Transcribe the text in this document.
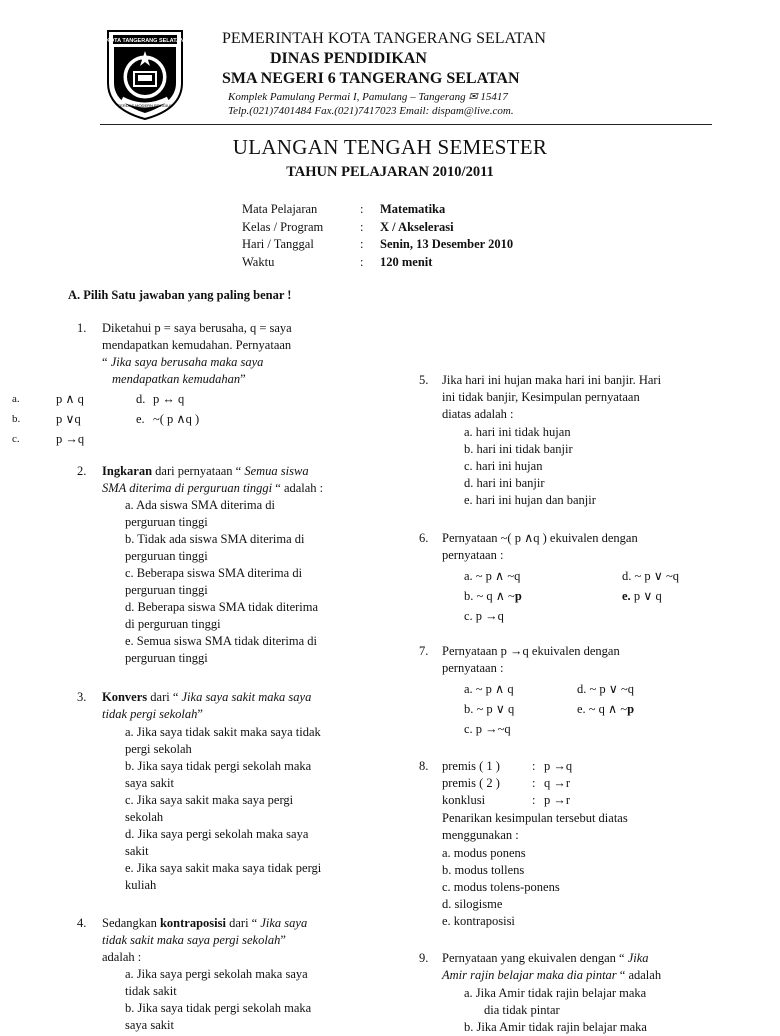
KOTA TANGERANG SELATAN
CERDAS MODERN RELIGIUS
PEMERINTAH KOTA TANGERANG SELATAN
DINAS PENDIDIKAN
SMA NEGERI 6 TANGERANG SELATAN
Komplek Pamulang Permai I, Pamulang – Tangerang ✉ 15417
Telp.(021)7401484 Fax.(021)7417023 Email: dispam@live.com.
ULANGAN TENGAH SEMESTER
TAHUN PELAJARAN 2010/2011
Mata Pelajaran	:	Matematika
Kelas / Program	:	X / Akselerasi
Hari / Tanggal	:	Senin, 13 Desember 2010
Waktu	:	120 menit
A. Pilih Satu jawaban yang paling benar !
1. Diketahui p = saya berusaha, q = saya
mendapatkan kemudahan. Pernyataan
“ Jika saya berusaha maka saya
mendapatkan kemudahan”
a.	p ∧ q
b.	p ∨q
c.	p →q
d. p ↔ q
e. ~( p ∧q )
2. Ingkaran dari pernyataan “ Semua siswa
SMA diterima di perguruan tinggi “ adalah :
a. Ada siswa SMA diterima di
perguruan tinggi
b. Tidak ada siswa SMA diterima di
perguruan tinggi
c. Beberapa siswa SMA diterima di
perguruan tinggi
d. Beberapa siswa SMA tidak diterima
di perguruan tinggi
e. Semua siswa SMA tidak diterima di
perguruan tinggi
3. Konvers dari “ Jika saya sakit maka saya
tidak pergi sekolah”
a. Jika saya tidak sakit maka saya tidak
pergi sekolah
b. Jika saya tidak pergi sekolah maka
saya sakit
c. Jika saya sakit maka saya pergi
sekolah
d. Jika saya pergi sekolah maka saya
sakit
e. Jika saya sakit maka saya tidak pergi
kuliah
4. Sedangkan kontraposisi dari “ Jika saya
tidak sakit maka saya pergi sekolah”
adalah :
a. Jika saya pergi sekolah maka saya
tidak sakit
b. Jika saya tidak pergi sekolah maka
saya sakit
5. Jika hari ini hujan maka hari ini banjir. Hari
ini tidak banjir, Kesimpulan pernyataan
diatas adalah :
a. hari ini tidak hujan
b. hari ini tidak banjir
c. hari ini hujan
d. hari ini banjir
e. hari ini hujan dan banjir
6. Pernyataan ~( p ∧q ) ekuivalen dengan
pernyataan :
a. ~ p ∧ ~q
b. ~ q ∧ ~p
c. p →q
d. ~ p ∨ ~q
e. p ∨ q
7. Pernyataan p →q ekuivalen dengan
pernyataan :
a. ~ p ∧ q
b. ~ p ∨ q
c. p →~q
d. ~ p ∨ ~q
e. ~ q ∧ ~p
8. premis ( 1 )	: p →q
premis ( 2 )	: q →r
konklusi	: p →r
Penarikan kesimpulan tersebut diatas
menggunakan :
a. modus ponens
b. modus tollens
c. modus tolens-ponens
d. silogisme
e. kontraposisi
9. Pernyataan yang ekuivalen dengan “ Jika
Amir rajin belajar maka dia pintar “ adalah
a. Jika Amir tidak rajin belajar maka
dia tidak pintar
b. Jika Amir tidak rajin belajar maka
